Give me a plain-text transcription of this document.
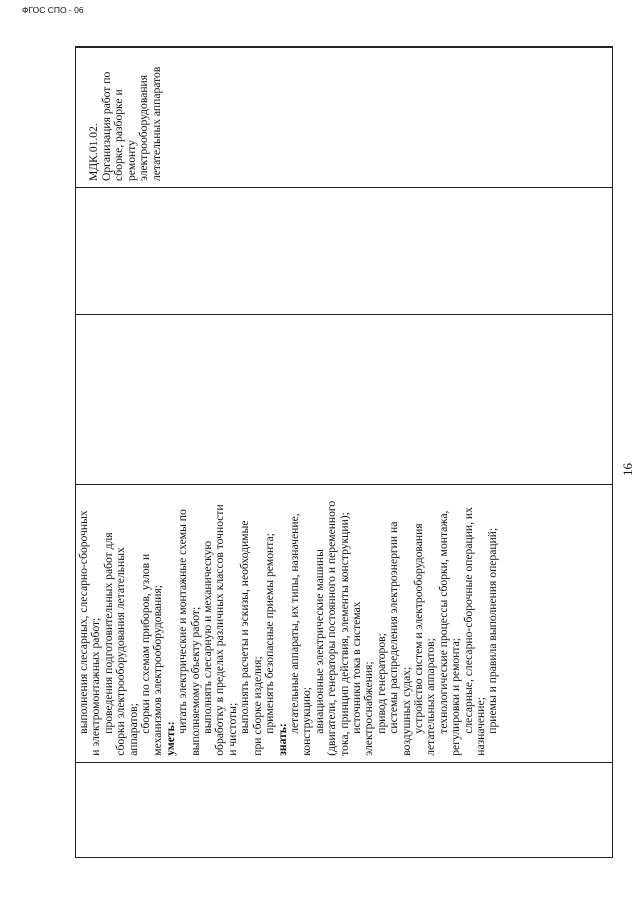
выполнения слесарных, слесарно-сборочных и электромонтажных работ; проведения подготовительных работ для сборки электрооборудования летательных аппаратов; сборки по схемам приборов, узлов и механизмов электрооборудования; уметь:
читать электрические и монтажные схемы по выполняемому объекту работ; выполнять слесарную и механическую обработку в пределах различных классов точности и чистоты; выполнять расчеты и эскизы, необходимые при сборке изделия; применять безопасные приемы ремонта;
знать:
летательные аппараты, их типы, назначение, конструкцию; авиационные электрические машины (двигатели, генераторы постоянного и переменного тока, принцип действия, элементы конструкции); источники тока в системах электроснабжения; привод генераторов; системы распределения электроэнергии на воздушных судах; устройство систем и электрооборудования летательных аппаратов; технологические процессы сборки, монтажа, регулировки и ремонта; слесарные, слесарно-сборочные операции, их назначение; приемы и правила выполнения операций;
МДК.01.02. Организация работ по сборке, разборке и ремонту электрооборудования летательных аппаратов
16
ФГОС СПО - 06
